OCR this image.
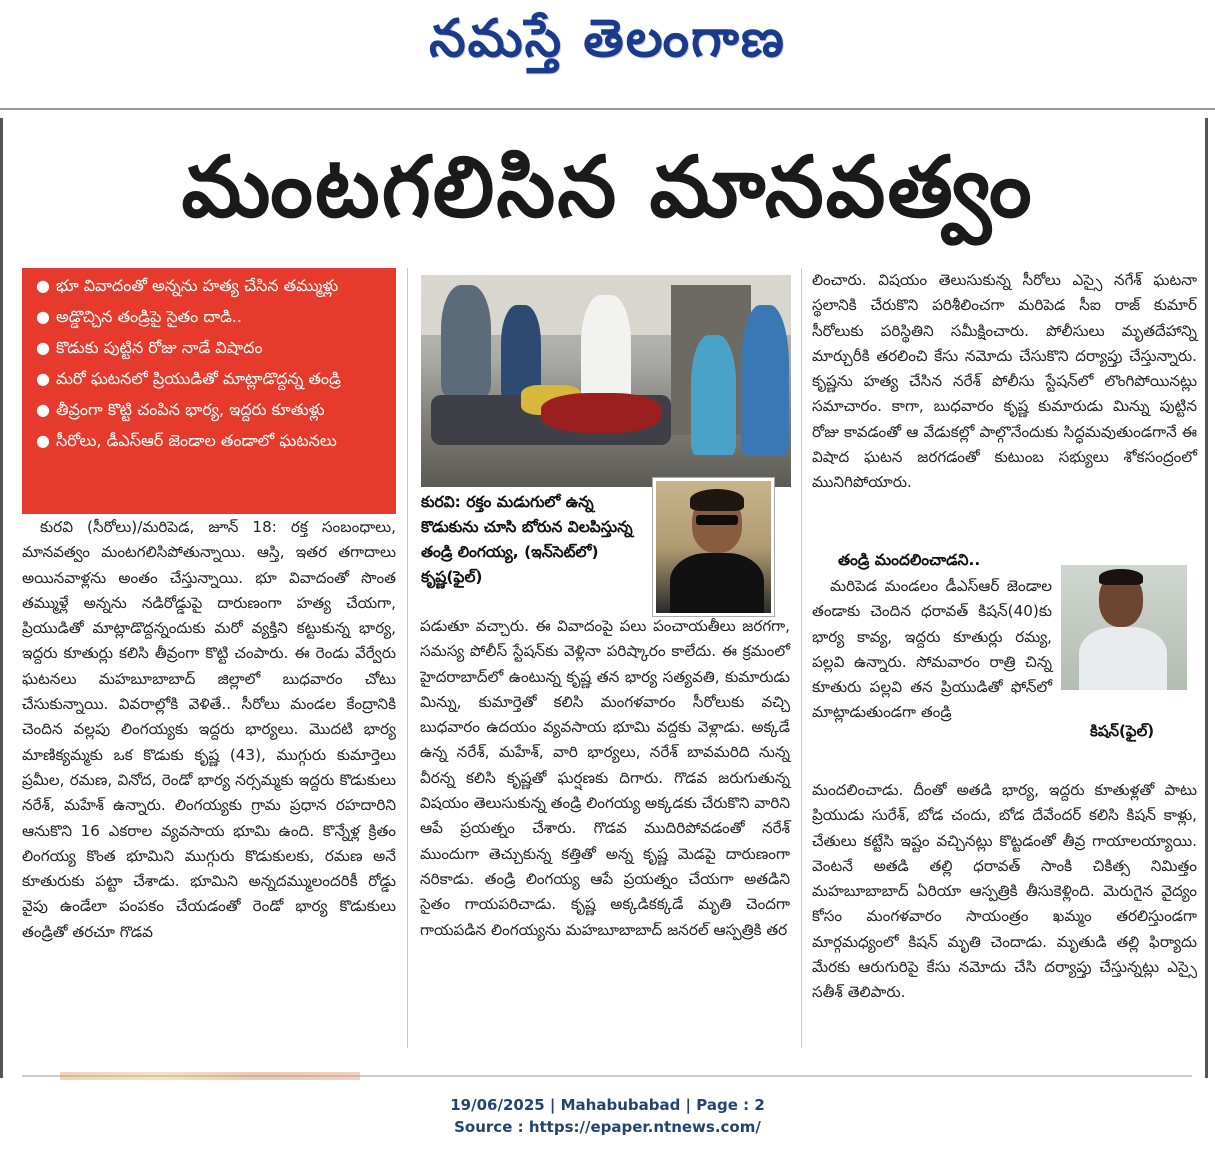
నమస్తే తెలంగాణ
మంటగలిసిన మానవత్వం
● భూ వివాదంతో అన్నను హత్య చేసిన తమ్ముళ్లు
● అడ్డొచ్చిన తండ్రిపై సైతం దాడి..
● కొడుకు పుట్టిన రోజు నాడే విషాదం
● మరో ఘటనలో ప్రియుడితో మాట్లాడొద్దన్న తండ్రి
● తీవ్రంగా కొట్టి చంపిన భార్య, ఇద్దరు కూతుళ్లు
● సీరోలు, డీఎస్ఆర్ జెండాల తండాలో ఘటనలు

కురవి (సీరోలు)/మరిపెడ, జూన్ 18: రక్త సంబంధాలు, మానవత్వం మంటగలిసిపోతున్నాయి. ఆస్తి, ఇతర తగాదాలు అయినవాళ్లను అంతం చేస్తున్నాయి. భూ వివాదంతో సొంత తమ్ముళ్లే అన్నను నడిరోడ్డుపై దారుణంగా హత్య చేయగా, ప్రియుడితో మాట్లాడొద్దన్నందుకు మరో వ్యక్తిని కట్టుకున్న భార్య, ఇద్దరు కూతుర్లు కలిసి తీవ్రంగా కొట్టి చంపారు. ఈ రెండు వేర్వేరు ఘటనలు మహబూబాబాద్ జిల్లాలో బుధవారం చోటు చేసుకున్నాయి. వివరాల్లోకి వెళితే.. సీరోలు మండల కేంద్రానికి చెందిన వల్లపు లింగయ్యకు ఇద్దరు భార్యలు. మొదటి భార్య మాణిక్యమ్మకు ఒక కొడుకు కృష్ణ (43), ముగ్గురు కుమార్తెలు ప్రమీల, రమణ, వినోద, రెండో భార్య నర్సమ్మకు ఇద్దరు కొడుకులు నరేశ్, మహేశ్ ఉన్నారు. లింగయ్యకు గ్రామ ప్రధాన రహదారిని ఆనుకొని 16 ఎకరాల వ్యవసాయ భూమి ఉంది. కొన్నేళ్ల క్రితం లింగయ్య కొంత భూమిని ముగ్గురు కొడుకులకు, రమణ అనే కూతురుకు పట్టా చేశాడు. భూమిని అన్నదమ్ములందరికీ రోడ్డు వైపు ఉండేలా పంపకం చేయడంతో రెండో భార్య కొడుకులు తండ్రితో తరచూ గొడవ

కురవి: రక్తం మడుగులో ఉన్న కొడుకును చూసి బోరున విలపిస్తున్న తండ్రి లింగయ్య, (ఇన్‌సెట్‌లో) కృష్ణ(ఫైల్)

పడుతూ వచ్చారు. ఈ వివాదంపై పలు పంచాయతీలు జరగగా, సమస్య పోలీస్ స్టేషన్‌కు వెళ్లినా పరిష్కారం కాలేదు. ఈ క్రమంలో హైదరాబాద్‌లో ఉంటున్న కృష్ణ తన భార్య సత్యవతి, కుమారుడు మిన్ను, కుమార్తెతో కలిసి మంగళవారం సీరోలుకు వచ్చి బుధవారం ఉదయం వ్యవసాయ భూమి వద్దకు వెళ్లాడు. అక్కడే ఉన్న నరేశ్, మహేశ్, వారి భార్యలు, నరేశ్ బావమరిది నున్న వీరన్న కలిసి కృష్ణతో ఘర్షణకు దిగారు. గొడవ జరుగుతున్న విషయం తెలుసుకున్న తండ్రి లింగయ్య అక్కడకు చేరుకొని వారిని ఆపే ప్రయత్నం చేశారు. గొడవ ముదిరిపోవడంతో నరేశ్ ముందుగా తెచ్చుకున్న కత్తితో అన్న కృష్ణ మెడపై దారుణంగా నరికాడు. తండ్రి లింగయ్య ఆపే ప్రయత్నం చేయగా అతడిని సైతం గాయపరిచాడు. కృష్ణ అక్కడికక్కడే మృతి చెందగా గాయపడిన లింగయ్యను మహబూబాబాద్ జనరల్ ఆస్పత్రికి తర

లించారు. విషయం తెలుసుకున్న సీరోలు ఎస్సై నగేశ్ ఘటనా స్థలానికి చేరుకొని పరిశీలించగా మరిపెడ సీఐ రాజ్ కుమార్ సీరోలుకు పరిస్థితిని సమీక్షించారు. పోలీసులు మృతదేహాన్ని మార్చురీకి తరలించి కేసు నమోదు చేసుకొని దర్యాప్తు చేస్తున్నారు. కృష్ణను హత్య చేసిన నరేశ్ పోలీసు స్టేషన్‌లో లొంగిపోయినట్లు సమాచారం. కాగా, బుధవారం కృష్ణ కుమారుడు మిన్ను పుట్టిన రోజు కావడంతో ఆ వేడుకల్లో పాల్గొనేందుకు సిద్ధమవుతుండగానే ఈ విషాద ఘటన జరగడంతో కుటుంబ సభ్యులు శోకసంద్రంలో మునిగిపోయారు.

తండ్రి మందలించాడని..

మరిపెడ మండలం డీఎస్ఆర్ జెండాల తండాకు చెందిన ధరావత్ కిషన్(40)కు భార్య కావ్య, ఇద్దరు కూతుర్లు రమ్య, పల్లవి ఉన్నారు. సోమవారం రాత్రి చిన్న కూతురు పల్లవి తన ప్రియుడితో ఫోన్‌లో మాట్లాడుతుండగా తండ్రి

కిషన్(ఫైల్)

మందలించాడు. దీంతో అతడి భార్య, ఇద్దరు కూతుళ్లతో పాటు ప్రియుడు సురేశ్, బోడ చందు, బోడ దేవేందర్ కలిసి కిషన్ కాళ్లు, చేతులు కట్టేసి ఇష్టం వచ్చినట్లు కొట్టడంతో తీవ్ర గాయాలయ్యాయి. వెంటనే అతడి తల్లి ధరావత్ సాంకి చికిత్స నిమిత్తం మహబూబాబాద్ ఏరియా ఆస్పత్రికి తీసుకెళ్లింది. మెరుగైన వైద్యం కోసం మంగళవారం సాయంత్రం ఖమ్మం తరలిస్తుండగా మార్గమధ్యంలో కిషన్ మృతి చెందాడు. మృతుడి తల్లి ఫిర్యాదు మేరకు ఆరుగురిపై కేసు నమోదు చేసి దర్యాప్తు చేస్తున్నట్లు ఎస్సై సతీశ్ తెలిపారు.

19/06/2025 | Mahabubabad | Page : 2
Source : https://epaper.ntnews.com/
